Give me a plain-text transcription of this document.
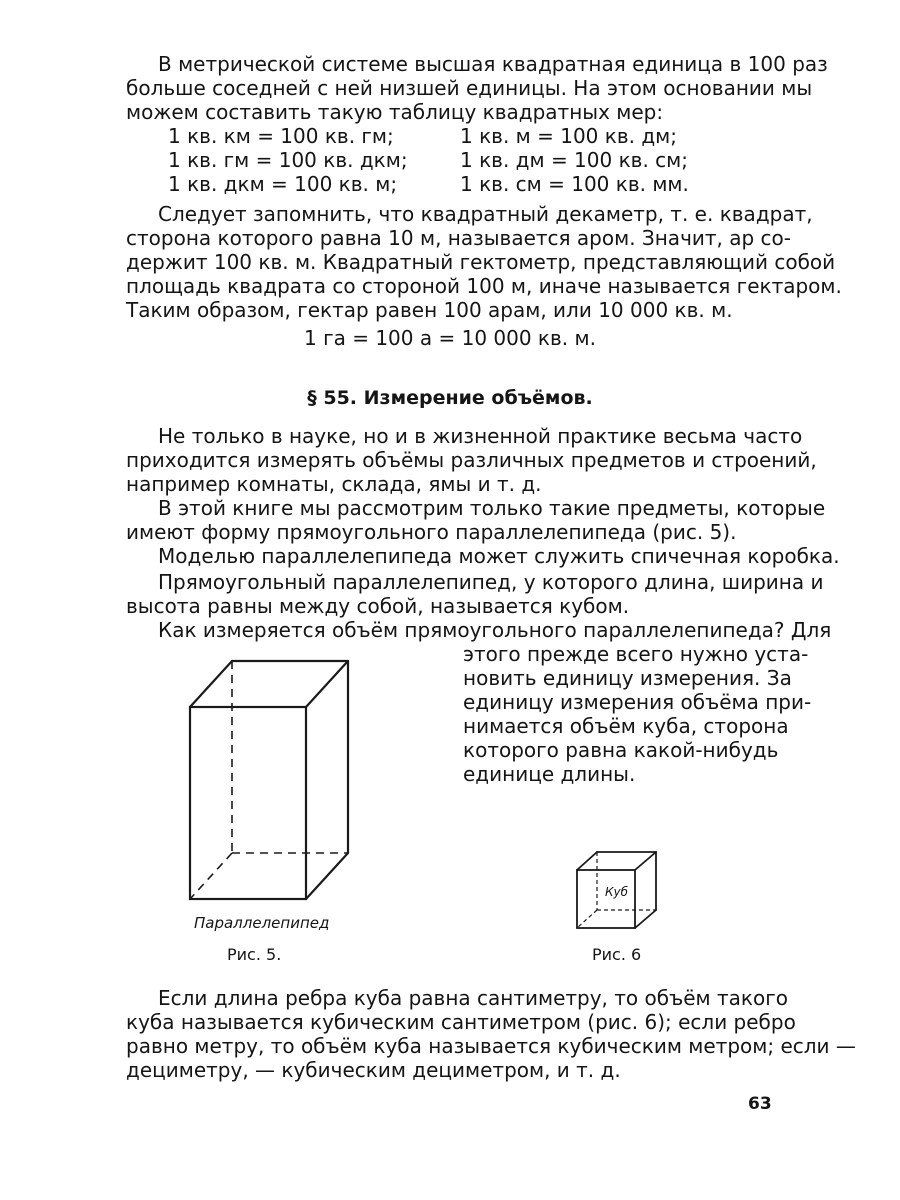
В метрической системе высшая квадратная единица в 100 раз
больше соседней с ней низшей единицы. На этом основании мы
можем составить такую таблицу квадратных мер:
1 кв. км = 100 кв. гм;	1 кв. м = 100 кв. дм;
1 кв. гм = 100 кв. дкм;	1 кв. дм = 100 кв. см;
1 кв. дкм = 100 кв. м;	1 кв. см = 100 кв. мм.
Следует запомнить, что квадратный декаметр, т. е. квадрат,
сторона которого равна 10 м, называется аром. Значит, ар со-
держит 100 кв. м. Квадратный гектометр, представляющий собой
площадь квадрата со стороной 100 м, иначе называется гектаром.
Таким образом, гектар равен 100 арам, или 10 000 кв. м.
1 га = 100 а = 10 000 кв. м.
§ 55. Измерение объёмов.
Не только в науке, но и в жизненной практике весьма часто
приходится измерять объёмы различных предметов и строений,
например комнаты, склада, ямы и т. д.
В этой книге мы рассмотрим только такие предметы, которые
имеют форму прямоугольного параллелепипеда (рис. 5).
Моделью параллелепипеда может служить спичечная коробка.
Прямоугольный параллелепипед, у которого длина, ширина и
высота равны между собой, называется кубом.
Как измеряется объём прямоугольного параллелепипеда? Для
этого прежде всего нужно уста-
новить единицу измерения. За
единицу измерения объёма при-
нимается объём куба, сторона
которого равна какой-нибудь
единице длины.
Параллелепипед
Рис. 5.
Куб
Рис. 6
Если длина ребра куба равна сантиметру, то объём такого
куба называется кубическим сантиметром (рис. 6); если ребро
равно метру, то объём куба называется кубическим метром; если —
дециметру, — кубическим дециметром, и т. д.
63
